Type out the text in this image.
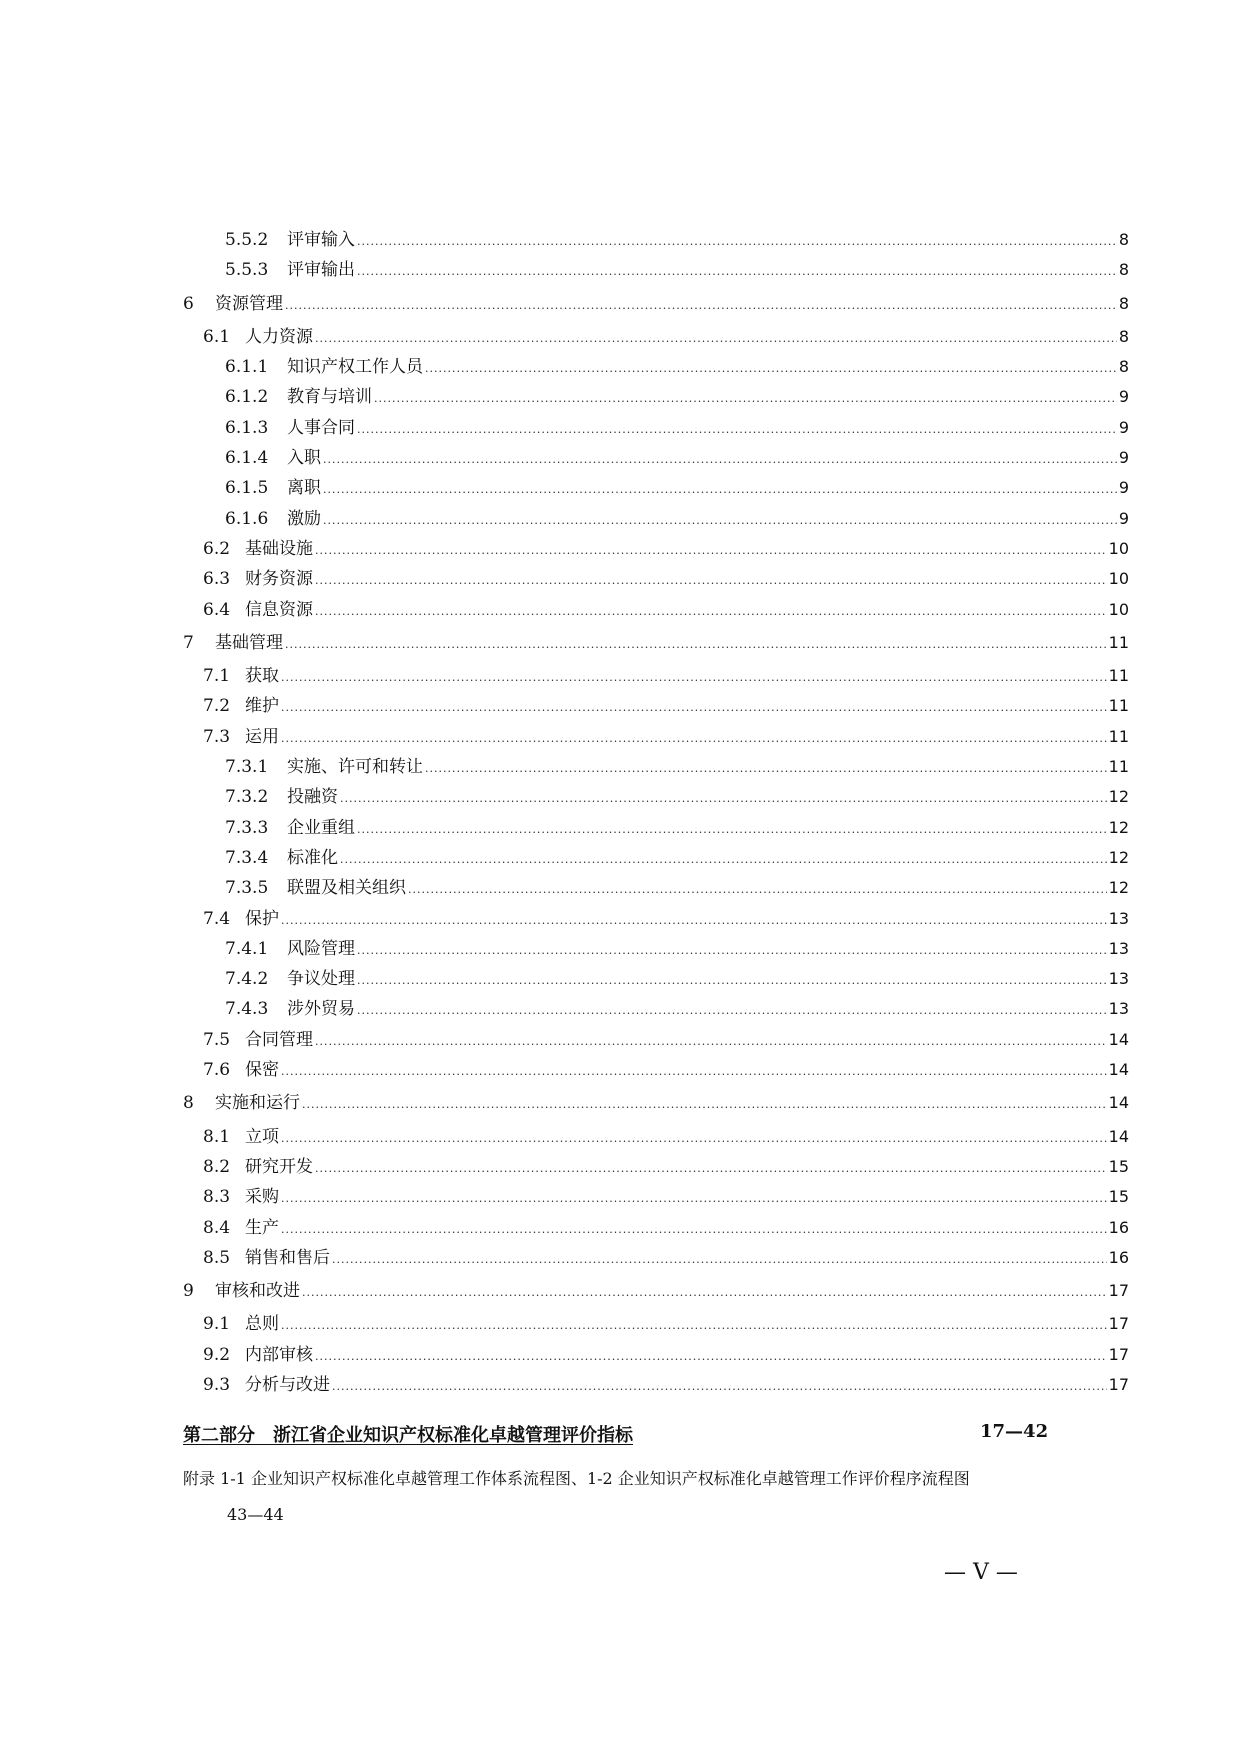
5.5.2	评审输入 .....	8
5.5.3	评审输出 .....	8
6	资源管理 .....	8
6.1 人力资源 .....	8
6.1.1	知识产权工作人员 .....	8
6.1.2	教育与培训 .....	9
6.1.3	人事合同 .....	9
6.1.4	入职 .....	9
6.1.5	离职 .....	9
6.1.6	激励 .....	9
6.2 基础设施 .....	10
6.3 财务资源 .....	10
6.4 信息资源 .....	10
7	基础管理 .....	11
7.1 获取 .....	11
7.2 维护 .....	11
7.3 运用 .....	11
7.3.1	实施、许可和转让 .....	11
7.3.2	投融资 .....	12
7.3.3	企业重组 .....	12
7.3.4	标准化 .....	12
7.3.5	联盟及相关组织 .....	12
7.4 保护 .....	13
7.4.1	风险管理 .....	13
7.4.2	争议处理 .....	13
7.4.3	涉外贸易 .....	13
7.5 合同管理 .....	14
7.6 保密 .....	14
8	实施和运行 .....	14
8.1 立项 .....	14
8.2 研究开发 .....	15
8.3 采购 .....	15
8.4 生产 .....	16
8.5 销售和售后 .....	16
9	审核和改进 .....	17
9.1 总则 .....	17
9.2 内部审核 .....	17
9.3 分析与改进 .....	17
第二部分　浙江省企业知识产权标准化卓越管理评价指标	17—42
附录 1-1 企业知识产权标准化卓越管理工作体系流程图、1-2 企业知识产权标准化卓越管理工作评价程序流程图
43—44
— V —
